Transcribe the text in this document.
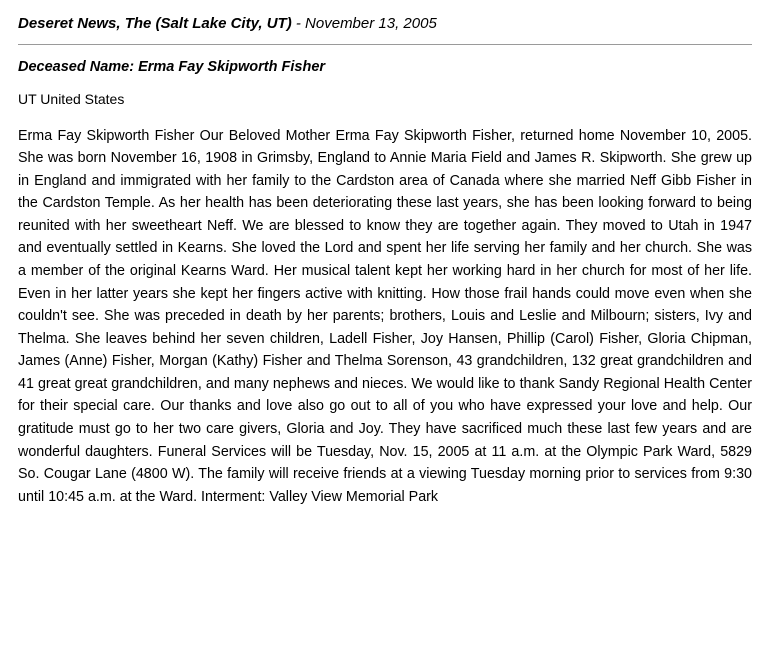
Deseret News, The (Salt Lake City, UT) - November 13, 2005
Deceased Name: Erma Fay Skipworth Fisher
UT United States

Erma Fay Skipworth Fisher Our Beloved Mother Erma Fay Skipworth Fisher, returned home November 10, 2005. She was born November 16, 1908 in Grimsby, England to Annie Maria Field and James R. Skipworth. She grew up in England and immigrated with her family to the Cardston area of Canada where she married Neff Gibb Fisher in the Cardston Temple. As her health has been deteriorating these last years, she has been looking forward to being reunited with her sweetheart Neff. We are blessed to know they are together again. They moved to Utah in 1947 and eventually settled in Kearns. She loved the Lord and spent her life serving her family and her church. She was a member of the original Kearns Ward. Her musical talent kept her working hard in her church for most of her life. Even in her latter years she kept her fingers active with knitting. How those frail hands could move even when she couldn't see. She was preceded in death by her parents; brothers, Louis and Leslie and Milbourn; sisters, Ivy and Thelma. She leaves behind her seven children, Ladell Fisher, Joy Hansen, Phillip (Carol) Fisher, Gloria Chipman, James (Anne) Fisher, Morgan (Kathy) Fisher and Thelma Sorenson, 43 grandchildren, 132 great grandchildren and 41 great great grandchildren, and many nephews and nieces. We would like to thank Sandy Regional Health Center for their special care. Our thanks and love also go out to all of you who have expressed your love and help. Our gratitude must go to her two care givers, Gloria and Joy. They have sacrificed much these last few years and are wonderful daughters. Funeral Services will be Tuesday, Nov. 15, 2005 at 11 a.m. at the Olympic Park Ward, 5829 So. Cougar Lane (4800 W). The family will receive friends at a viewing Tuesday morning prior to services from 9:30 until 10:45 a.m. at the Ward. Interment: Valley View Memorial Park
